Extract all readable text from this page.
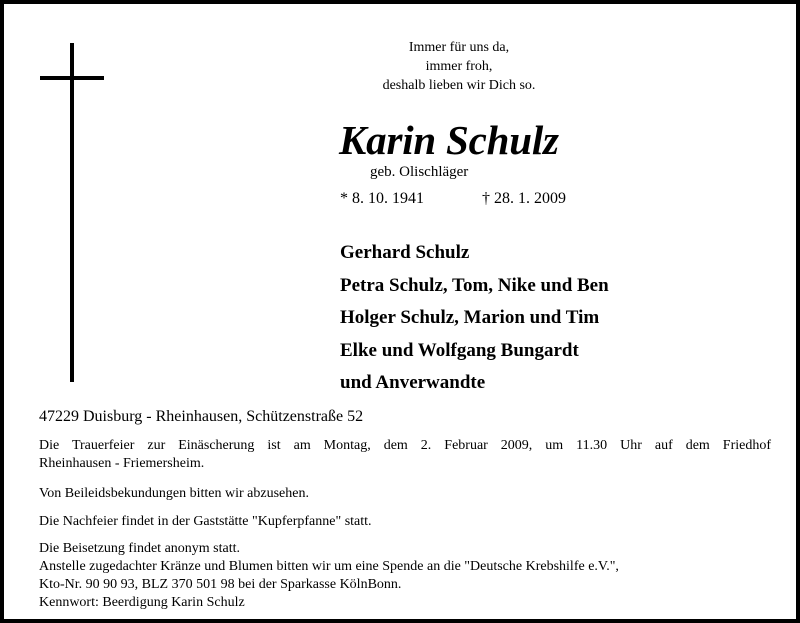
Immer für uns da,
immer froh,
deshalb lieben wir Dich so.
Karin Schulz
geb. Olischläger
* 8. 10. 1941	† 28. 1. 2009
Gerhard Schulz
Petra Schulz, Tom, Nike und Ben
Holger Schulz, Marion und Tim
Elke und Wolfgang Bungardt
und Anverwandte
47229 Duisburg - Rheinhausen, Schützenstraße 52
Die Trauerfeier zur Einäscherung ist am Montag, dem 2. Februar 2009, um 11.30 Uhr auf dem Friedhof
Rheinhausen - Friemersheim.
Von Beileidsbekundungen bitten wir abzusehen.
Die Nachfeier findet in der Gaststätte "Kupferpfanne" statt.
Die Beisetzung findet anonym statt.
Anstelle zugedachter Kränze und Blumen bitten wir um eine Spende an die "Deutsche Krebshilfe e.V.",
Kto-Nr. 90 90 93, BLZ 370 501 98 bei der Sparkasse KölnBonn.
Kennwort: Beerdigung Karin Schulz
